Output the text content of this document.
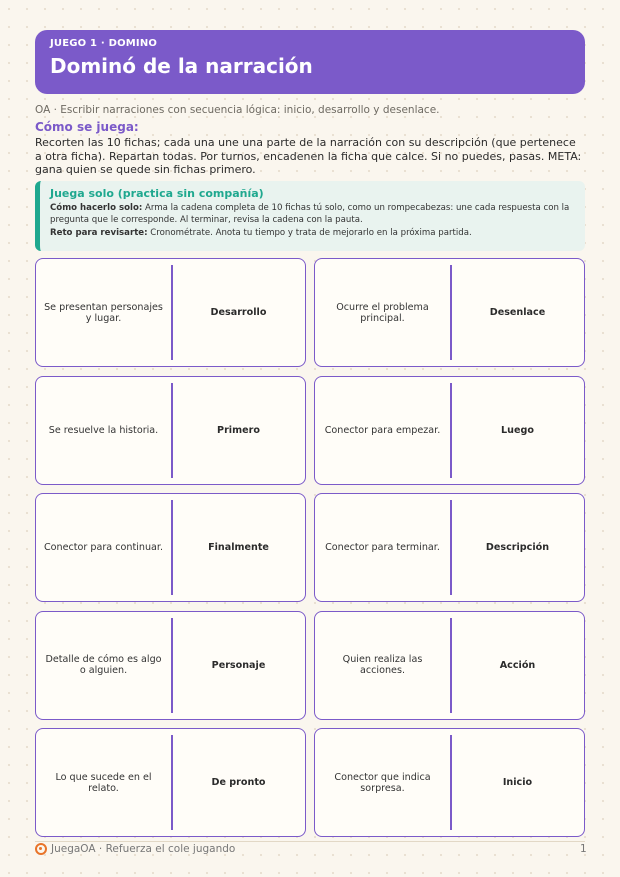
JUEGO 1 · DOMINO
Dominó de la narración
OA · Escribir narraciones con secuencia lógica: inicio, desarrollo y desenlace.
Cómo se juega:
Recorten las 10 fichas; cada una une una parte de la narración con su descripción (que pertenece a otra ficha). Repartan todas. Por turnos, encadenen la ficha que calce. Si no puedes, pasas. META: gana quien se quede sin fichas primero.
Juega solo (practica sin compañía)
Cómo hacerlo solo: Arma la cadena completa de 10 fichas tú solo, como un rompecabezas: une cada respuesta con la pregunta que le corresponde. Al terminar, revisa la cadena con la pauta.
Reto para revisarte: Cronométrate. Anota tu tiempo y trata de mejorarlo en la próxima partida.
Se presentan personajes y lugar.	Desarrollo	Ocurre el problema principal.	Desenlace
Se resuelve la historia.	Primero	Conector para empezar.	Luego
Conector para continuar.	Finalmente	Conector para terminar.	Descripción
Detalle de cómo es algo o alguien.	Personaje	Quien realiza las acciones.	Acción
Lo que sucede en el relato.	De pronto	Conector que indica sorpresa.	Inicio
JuegaOA · Refuerza el cole jugando	1
